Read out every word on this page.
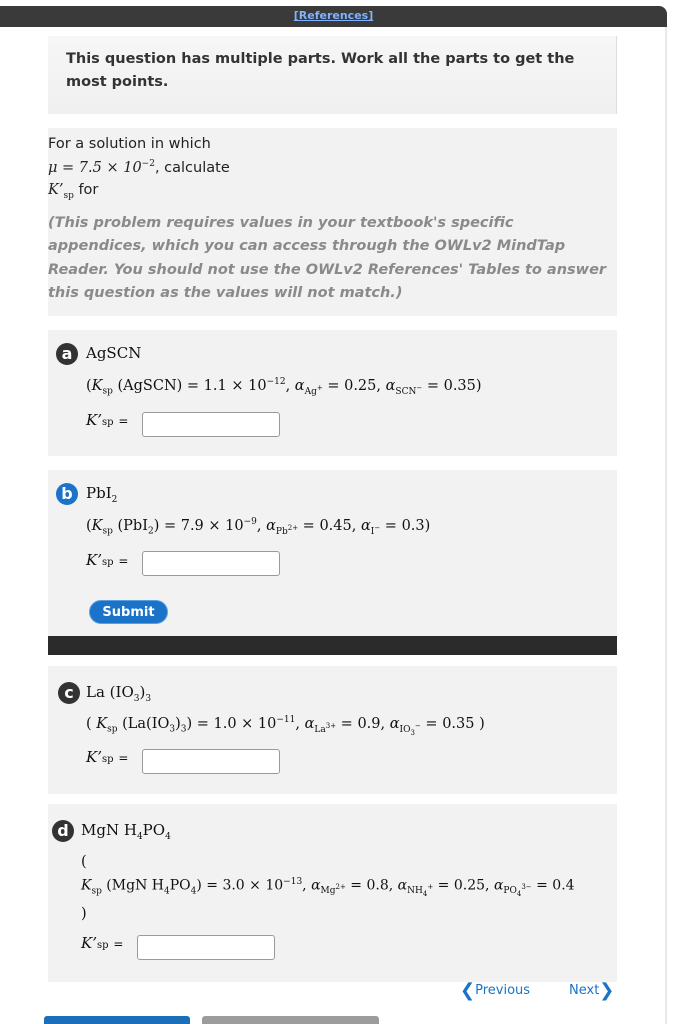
[References]
This question has multiple parts. Work all the parts to get the most points.
For a solution in which
$\mu = 7.5 \times 10^{-2}$, calculate
$K’_{sp}$ for
(This problem requires values in your textbook's specific appendices, which you can access through the OWLv2 MindTap Reader. You should not use the OWLv2 References' Tables to answer this question as the values will not match.)
a AgSCN
($K_{sp}$ (AgSCN) = $1.1 \times 10^{-12}$, $\alpha_{Ag^+} = 0.25$, $\alpha_{SCN^-} = 0.35$)
K’sp =
b PbI$_2$
($K_{sp}$ $(PbI_2) = 7.9 \times 10^{-9}$, $\alpha_{Pb^{2+}} = 0.45$, $\alpha_{I^-} = 0.3$)
K’sp =
Submit
c La $(IO_3)_3$
( $K_{sp}$ $(La(IO_3)_3) = 1.0 \times 10^{-11}$, $\alpha_{La^{3+}} = 0.9$, $\alpha_{IO_3^-} = 0.35$ )
K’sp =
d MgN $H_4PO_4$
(
$K_{sp}$ (MgN $H_4PO_4) = 3.0 \times 10^{-13}$, $\alpha_{Mg^{2+}} = 0.8$, $\alpha_{NH_4^+} = 0.25$, $\alpha_{PO_4^{3-}} = 0.4$
)
K’sp =
❮Previous	Next❯
